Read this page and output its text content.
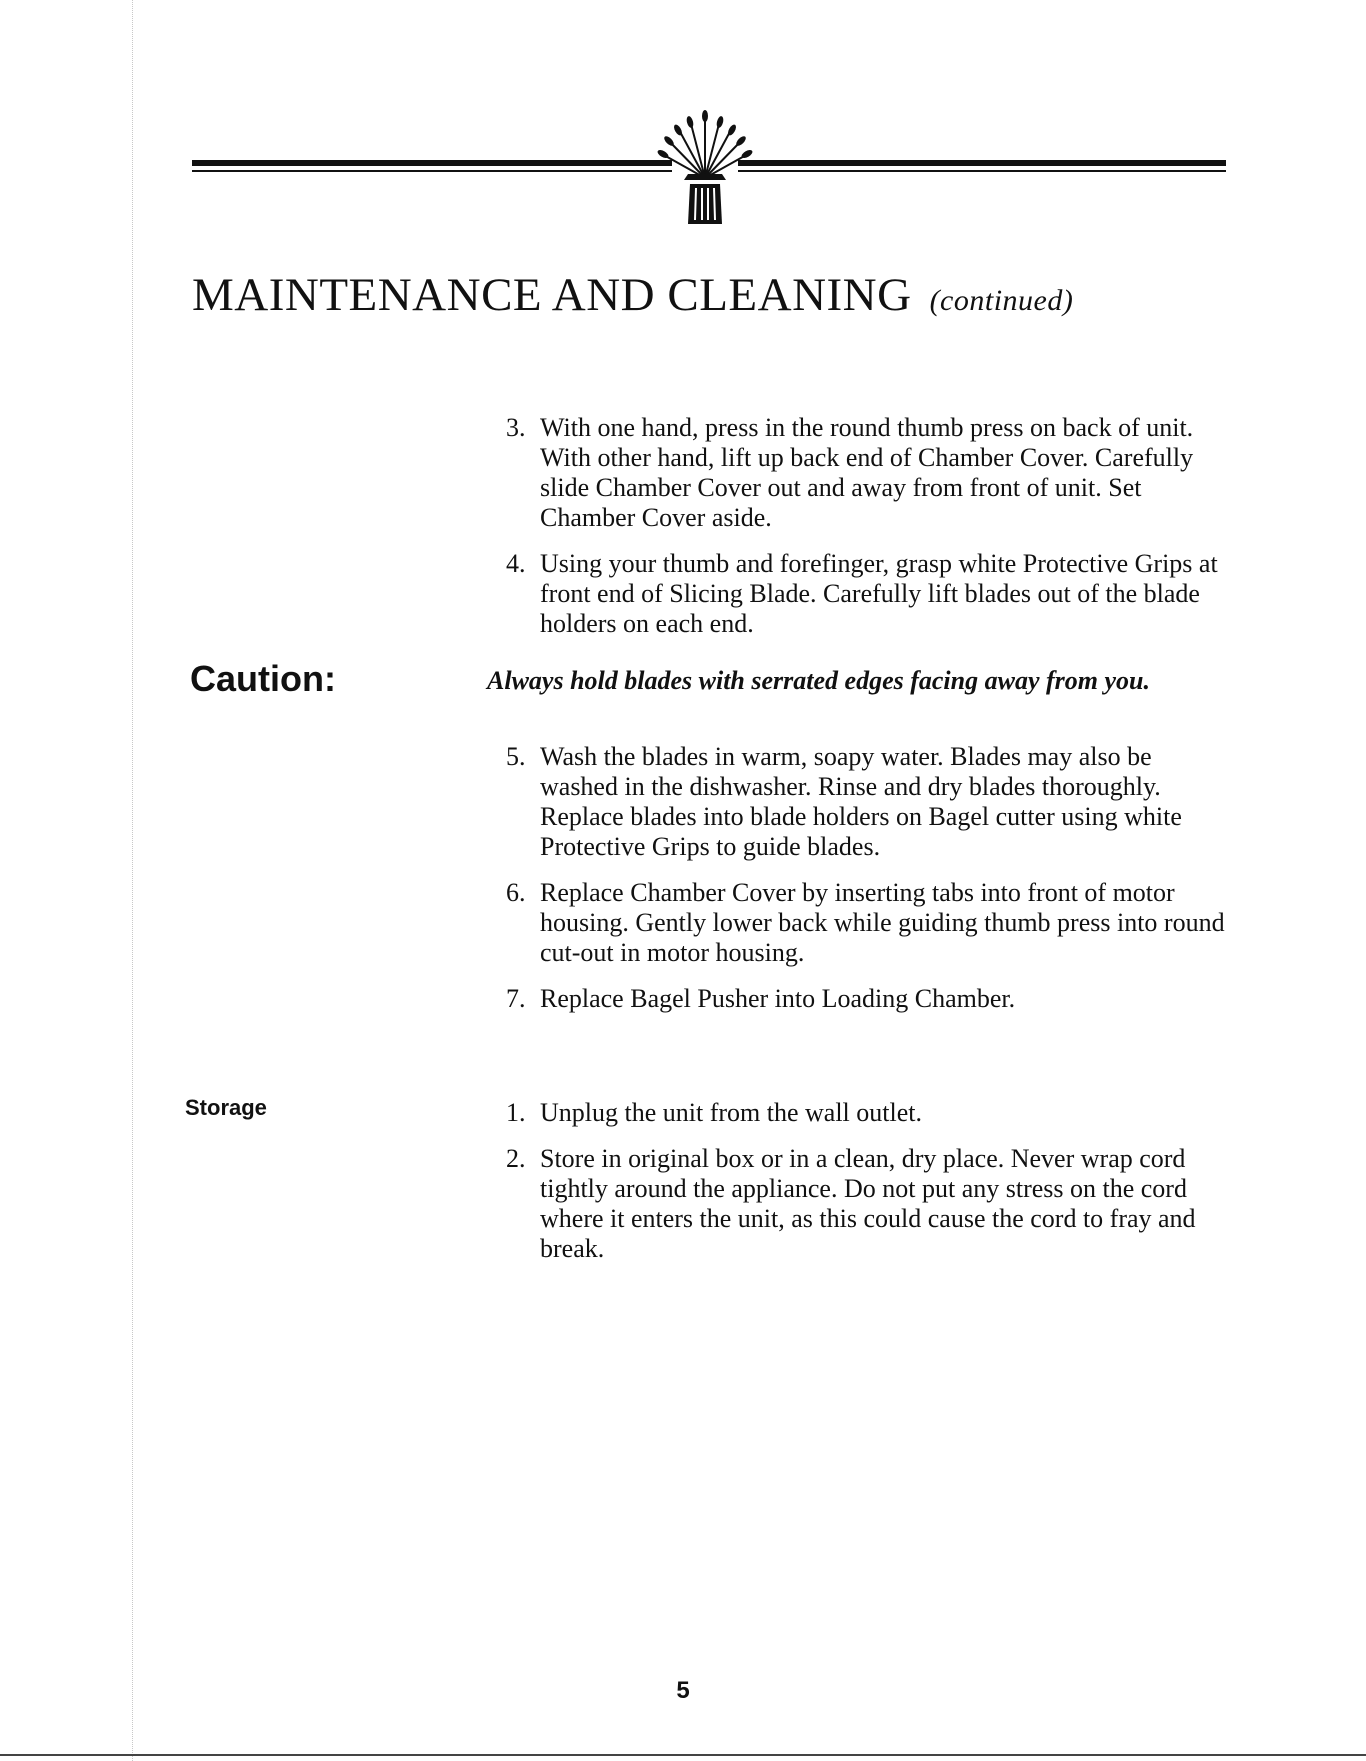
MAINTENANCE AND CLEANING (continued)
3. With one hand, press in the round thumb press on back of unit. With other hand, lift up back end of Chamber Cover. Carefully slide Chamber Cover out and away from front of unit. Set Chamber Cover aside.
4. Using your thumb and forefinger, grasp white Protective Grips at front end of Slicing Blade. Carefully lift blades out of the blade holders on each end.

Caution:	Always hold blades with serrated edges facing away from you.

5. Wash the blades in warm, soapy water. Blades may also be washed in the dishwasher. Rinse and dry blades thoroughly. Replace blades into blade holders on Bagel cutter using white Protective Grips to guide blades.
6. Replace Chamber Cover by inserting tabs into front of motor housing. Gently lower back while guiding thumb press into round cut-out in motor housing.
7. Replace Bagel Pusher into Loading Chamber.

Storage	1. Unplug the unit from the wall outlet.
2. Store in original box or in a clean, dry place. Never wrap cord tightly around the appliance. Do not put any stress on the cord where it enters the unit, as this could cause the cord to fray and break.

5
